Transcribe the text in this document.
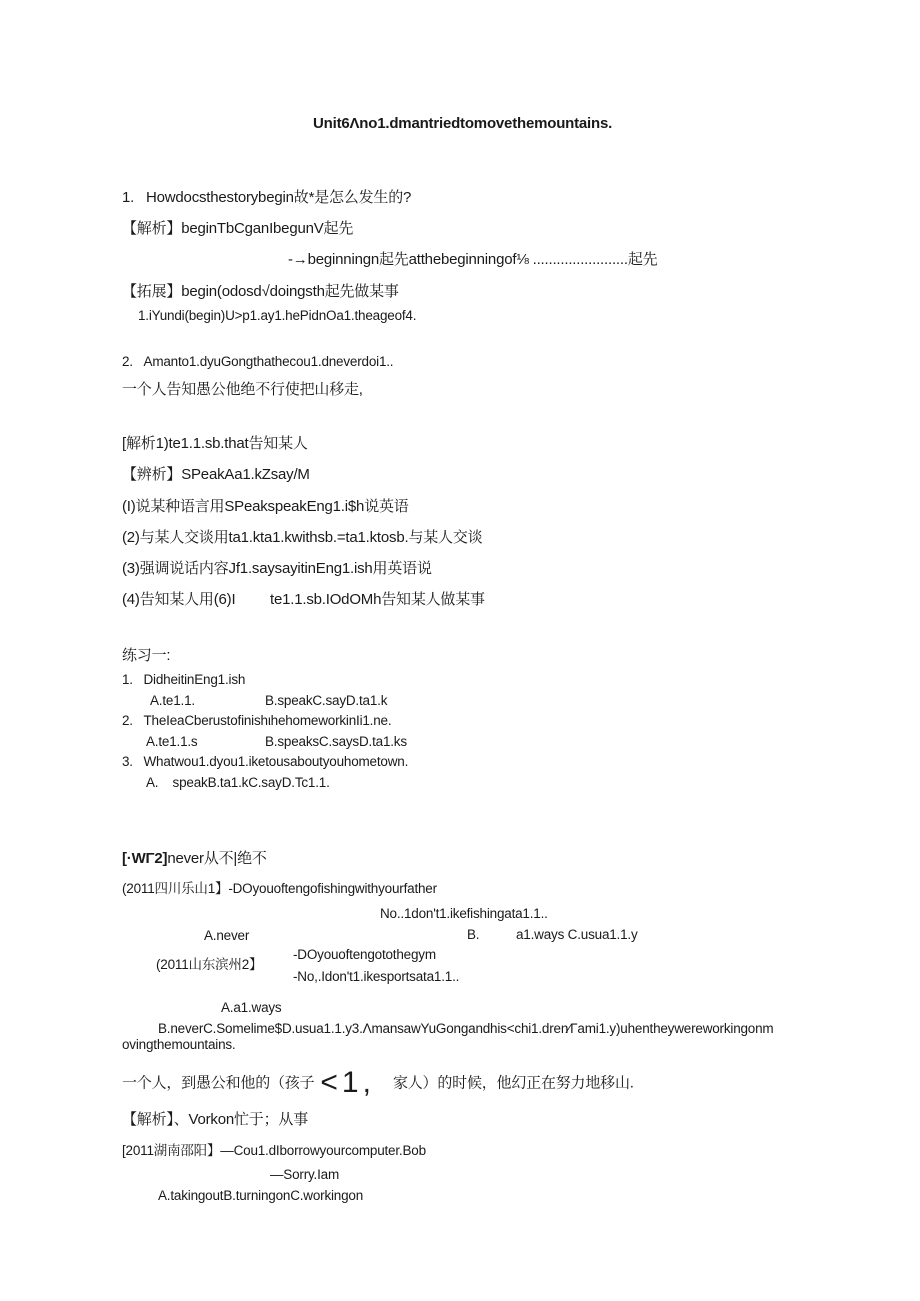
Unit6Λno1.dmantriedtomovethemountains.
1.   Howdocsthestorybegin故*是怎么发生的?
【解析】beginTbCganIbegunV起先
-→beginningn起先atthebeginningof⅛ ........................起先
【拓展】begin(odosd√doingsth起先做某事
1.iYundi(begin)U>p1.ay1.hePidnOa1.theageof4.
2.   Amanto1.dyuGongthathecou1.dneverdoi1..
一个人告知愚公他绝不行使把山移走,
[解析1)te1.1.sb.that告知某人
【辨析】SPeakAa1.kZsay/M
(I)说某种语言用SPeakspeakEng1.i$h说英语
(2)与某人交谈用ta1.kta1.kwithsb.=ta1.ktosb.与某人交谈
(3)强调说话内容Jf1.saysayitinEng1.ish用英语说
(4)告知某人用(6)I te1.1.sb.IOdOMh告知某人做某事
练习一:
1.   DidheitinEng1.ish
A.te1.1.	B.speakC.sayD.ta1.k
2.   TheIeaCberustofinishιhehomeworkinIi1.ne.
A.te1.1.s	B.speaksC.saysD.ta1.ks
3.   Whatwou1.dyou1.iketousaboutyouhometown.
A.    speakB.ta1.kC.sayD.Tc1.1.
[·WΓ2]never从不|绝不
(2011四川乐山1】-DOyouoftengofishingwithyourfather
No..1don't1.ikefishingata1.1..
A.never	B.	a1.ways C.usua1.1.y
(2011山东滨州2】
-DOyouoftengotothegym
-No,.Idon't1.ikesportsata1.1..
A.a1.ways
B.neverC.Somelime$D.usua1.1.y3.ΛmansawYuGongandhis<chi1.dren∕Γami1.y)uhentheywereworkingonm
ovingthemountains.
一个人，到愚公和他的（孩子 <1, 家人）的时候，他幻正在努力地移山.
【解析】、Vorkon忙于；从事
[2011湖南邵阳】—Cou1.dIborrowyourcomputer.Bob
—Sorry.Iam
A.takingoutB.turningonC.workingon
